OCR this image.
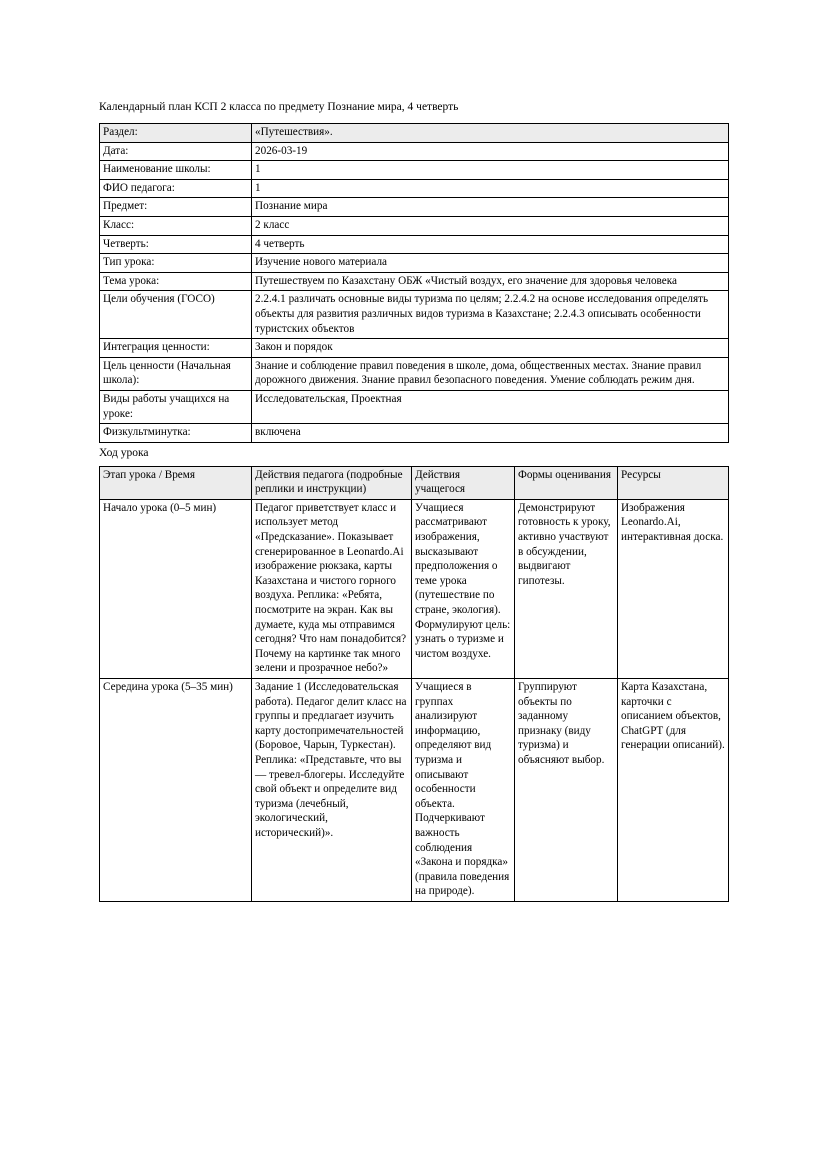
Календарный план КСП 2 класса по предмету Познание мира, 4 четверть

Раздел:	«Путешествия».
Дата:	2026-03-19
Наименование школы:	1
ФИО педагога:	1
Предмет:	Познание мира
Класс:	2 класс
Четверть:	4 четверть
Тип урока:	Изучение нового материала
Тема урока:	Путешествуем по Казахстану ОБЖ «Чистый воздух, его значение для здоровья человека
Цели обучения (ГОСО)	2.2.4.1 различать основные виды туризма по целям; 2.2.4.2 на основе исследования определять объекты для развития различных видов туризма в Казахстане; 2.2.4.3 описывать особенности туристских объектов
Интеграция ценности:	Закон и порядок
Цель ценности (Начальная школа):	Знание и соблюдение правил поведения в школе, дома, общественных местах. Знание правил дорожного движения. Знание правил безопасного поведения. Умение соблюдать режим дня.
Виды работы учащихся на уроке:	Исследовательская, Проектная
Физкультминутка:	включена

Ход урока

Этап урока / Время	Действия педагога (подробные реплики и инструкции)	Действия учащегося	Формы оценивания	Ресурсы
Начало урока (0–5 мин)	Педагог приветствует класс и использует метод «Предсказание». Показывает сгенерированное в Leonardo.Ai изображение рюкзака, карты Казахстана и чистого горного воздуха. Реплика: «Ребята, посмотрите на экран. Как вы думаете, куда мы отправимся сегодня? Что нам понадобится? Почему на картинке так много зелени и прозрачное небо?»	Учащиеся рассматривают изображения, высказывают предположения о теме урока (путешествие по стране, экология). Формулируют цель: узнать о туризме и чистом воздухе.	Демонстрируют готовность к уроку, активно участвуют в обсуждении, выдвигают гипотезы.	Изображения Leonardo.Ai, интерактивная доска.
Середина урока (5–35 мин)	Задание 1 (Исследовательская работа). Педагог делит класс на группы и предлагает изучить карту достопримечательностей (Боровое, Чарын, Туркестан). Реплика: «Представьте, что вы — тревел-блогеры. Исследуйте свой объект и определите вид туризма (лечебный, экологический, исторический)».	Учащиеся в группах анализируют информацию, определяют вид туризма и описывают особенности объекта. Подчеркивают важность соблюдения «Закона и порядка» (правила поведения на природе).	Группируют объекты по заданному признаку (виду туризма) и объясняют выбор.	Карта Казахстана, карточки с описанием объектов, ChatGPT (для генерации описаний).
